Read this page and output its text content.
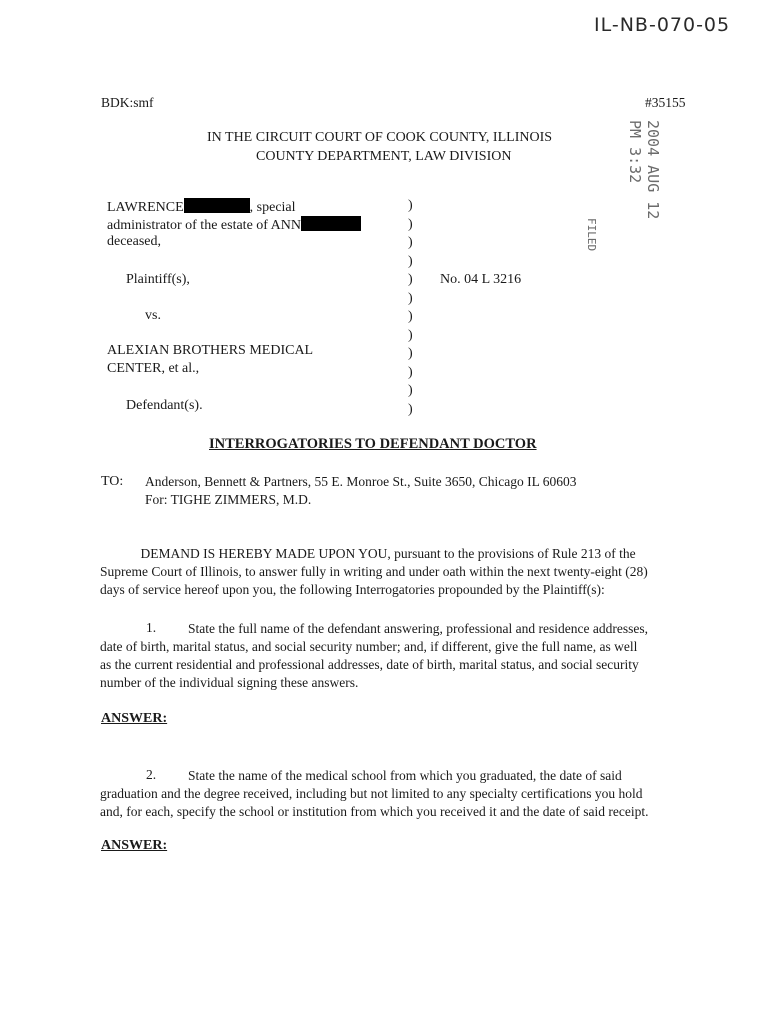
IL-NB-070-05
BDK:smf	#35155
IN THE CIRCUIT COURT OF COOK COUNTY, ILLINOIS
COUNTY DEPARTMENT, LAW DIVISION	2004 AUG 12 PM 3:32
FILED
LAWRENCE	, special
administrator of the estate of ANN
deceased,
Plaintiff(s),
vs.
ALEXIAN BROTHERS MEDICAL
CENTER, et al.,
Defendant(s).
)
)
)
)
)
)
)
)
)
)
)
)
No. 04 L 3216
INTERROGATORIES TO DEFENDANT DOCTOR
TO: Anderson, Bennett & Partners, 55 E. Monroe St., Suite 3650, Chicago IL 60603
For: TIGHE ZIMMERS, M.D.
DEMAND IS HEREBY MADE UPON YOU, pursuant to the provisions of Rule 213 of the
Supreme Court of Illinois, to answer fully in writing and under oath within the next twenty-eight (28)
days of service hereof upon you, the following Interrogatories propounded by the Plaintiff(s):
1.	State the full name of the defendant answering, professional and residence addresses,
date of birth, marital status, and social security number; and, if different, give the full name, as well
as the current residential and professional addresses, date of birth, marital status, and social security
number of the individual signing these answers.
ANSWER:
2.	State the name of the medical school from which you graduated, the date of said
graduation and the degree received, including but not limited to any specialty certifications you hold
and, for each, specify the school or institution from which you received it and the date of said receipt.
ANSWER:
